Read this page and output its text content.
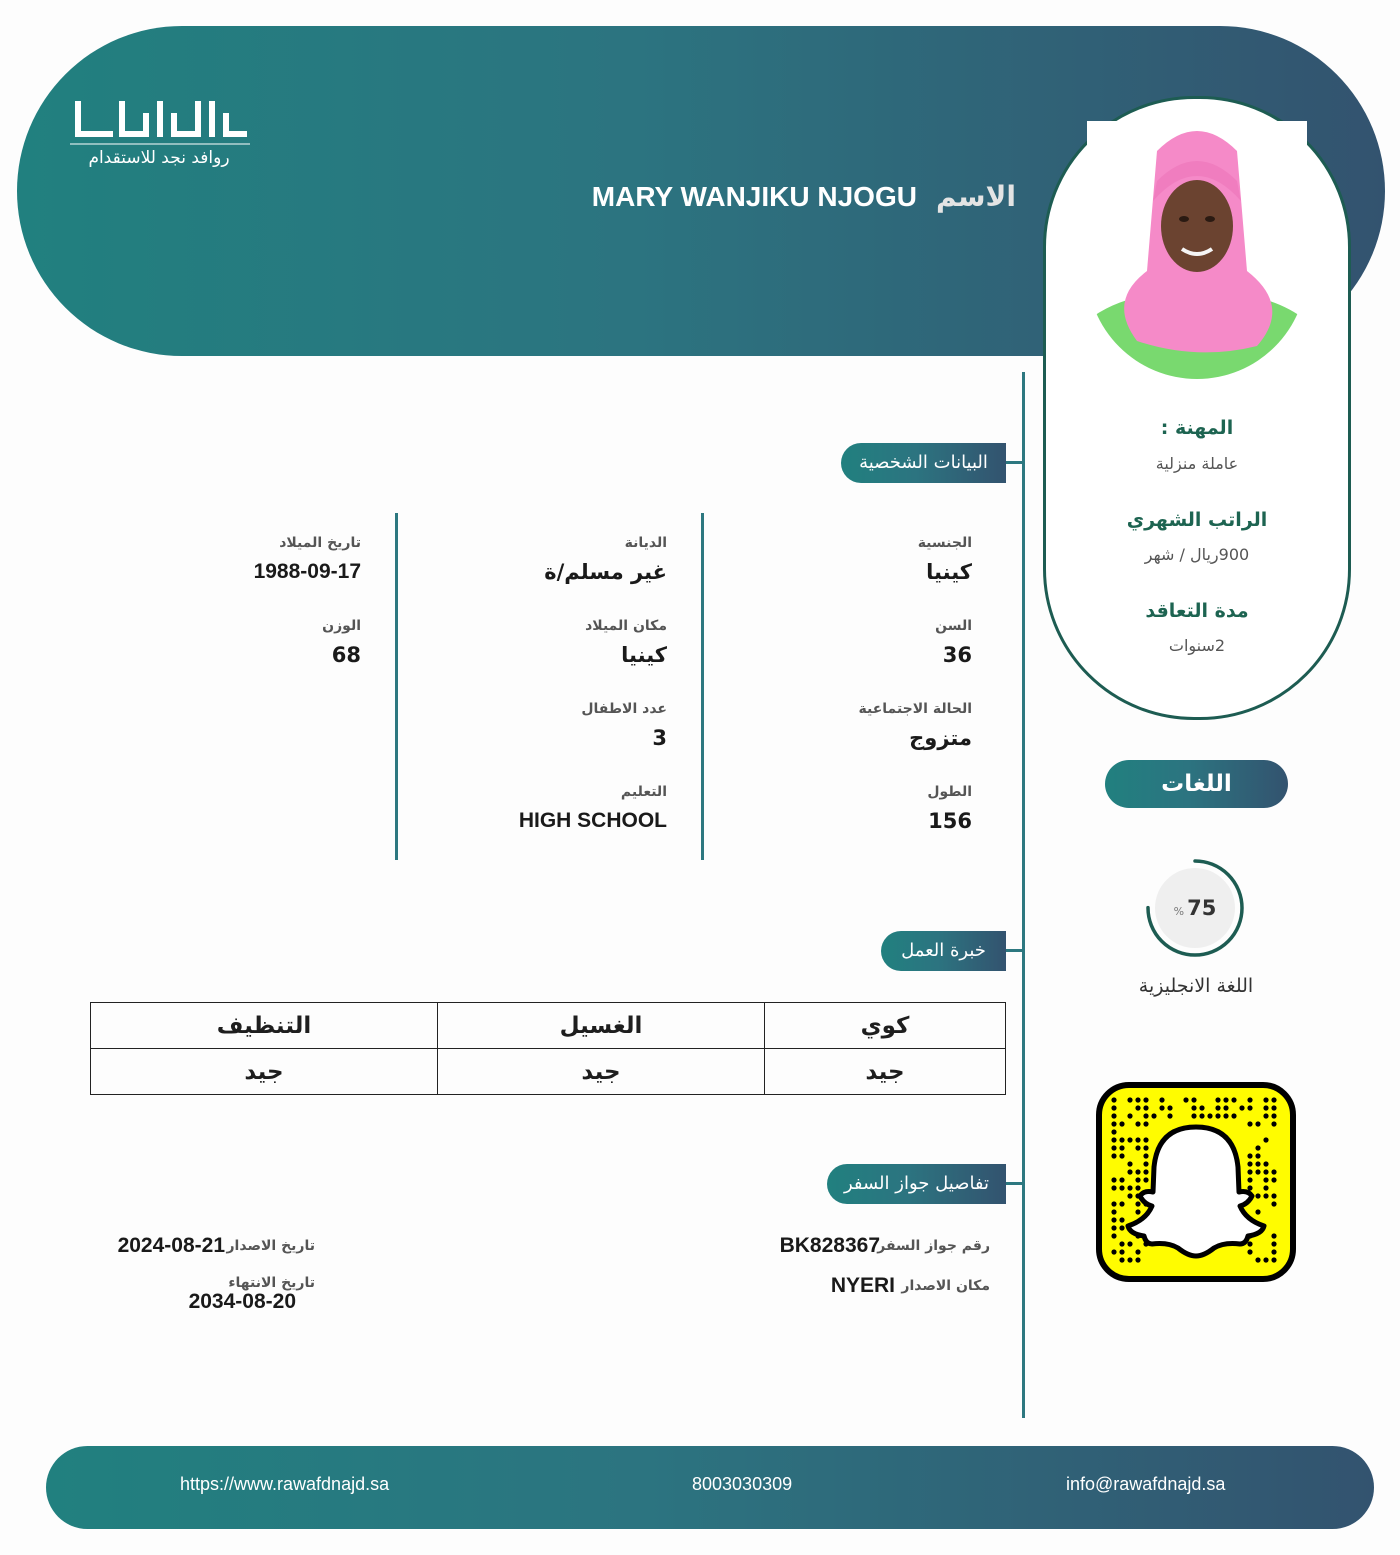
روافد نجد للاستقدام
الاسم MARY WANJIKU NJOGU
المهنة :
عاملة منزلية
الراتب الشهري
900ريال / شهر
مدة التعاقد
2سنوات
البيانات الشخصية
خبرة العمل
تفاصيل جواز السفر
الجنسية
كينيا
السن
36
الحالة الاجتماعية
متزوج
الطول
156
الديانة
غير مسلم/ة
مكان الميلاد
كينيا
عدد الاطفال
3
التعليم
HIGH SCHOOL
تاريخ الميلاد
1988-09-17
الوزن
68
اللغات
% 75
اللغة الانجليزية
كوي	الغسيل	التنظيف
جيد	جيد	جيد
رقم جواز السفر
BK828367
مكان الاصدار
NYERI
تاريخ الاصدار
2024-08-21
تاريخ الانتهاء
2034-08-20
https://www.rawafdnajd.sa	8003030309	info@rawafdnajd.sa
